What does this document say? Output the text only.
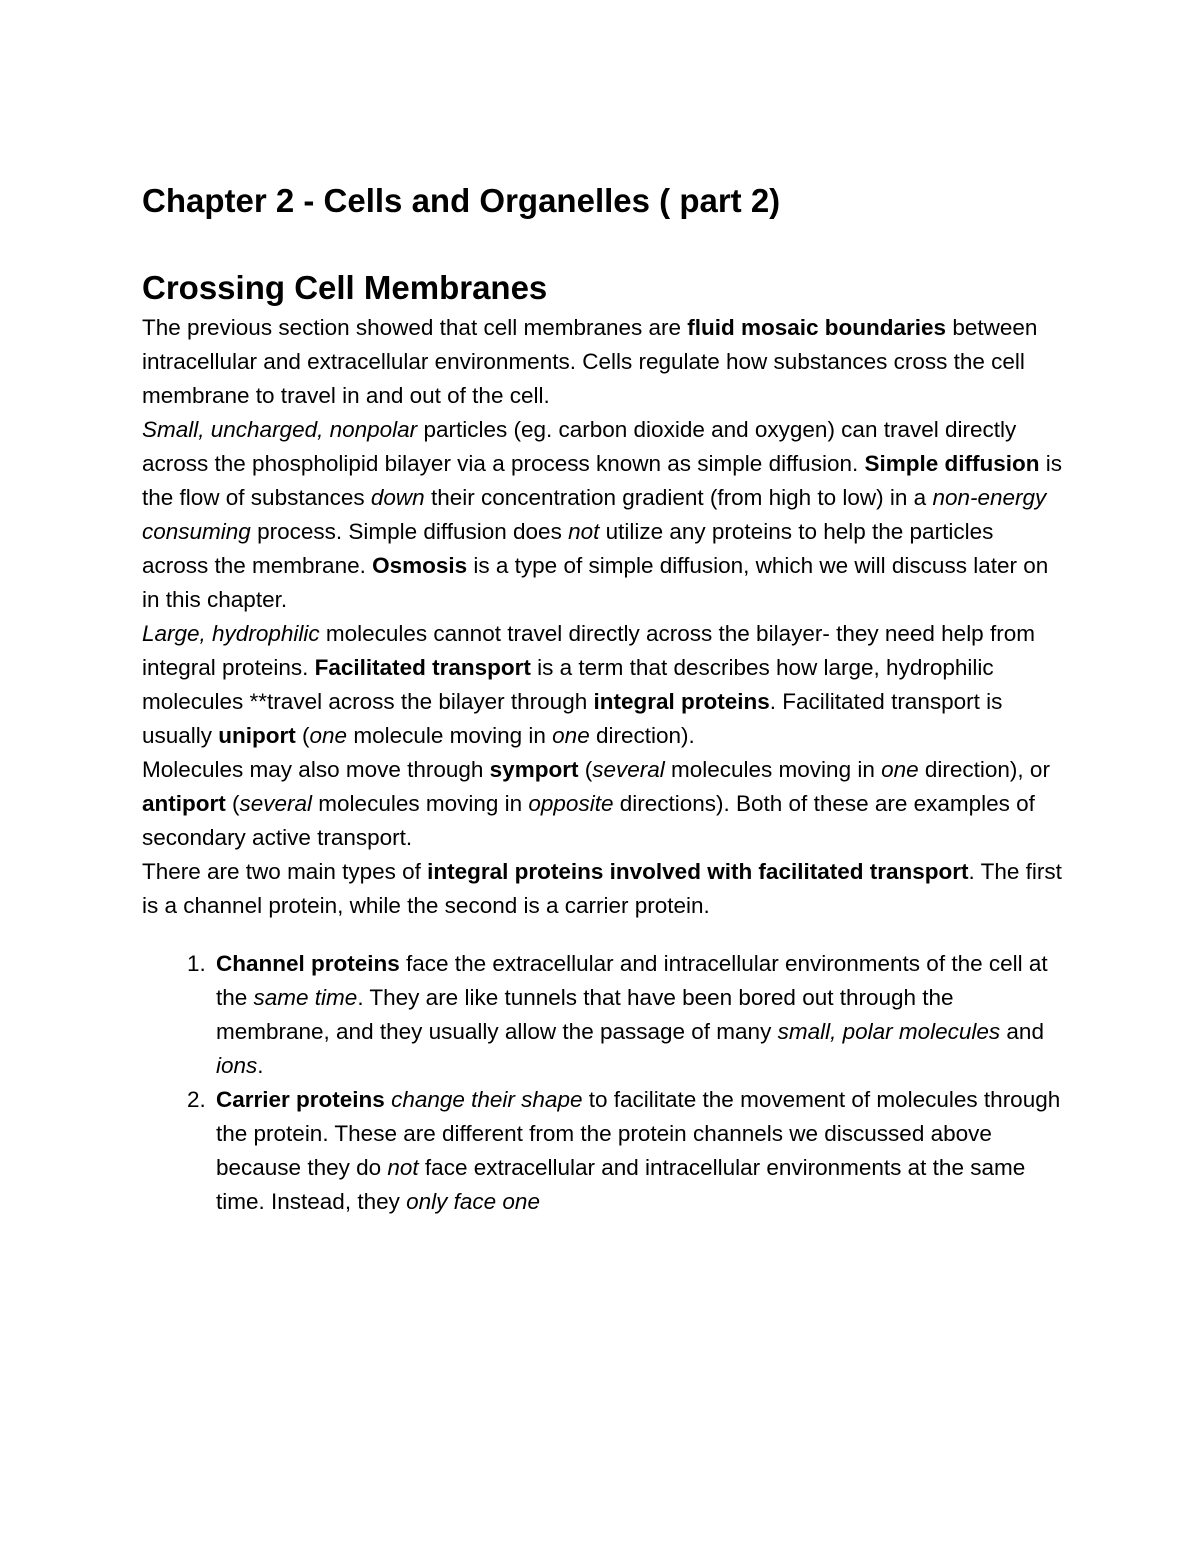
Chapter 2 - Cells and Organelles ( part 2)
Crossing Cell Membranes

The previous section showed that cell membranes are fluid mosaic boundaries between intracellular and extracellular environments. Cells regulate how substances cross the cell membrane to travel in and out of the cell.

Small, uncharged, nonpolar particles (eg. carbon dioxide and oxygen) can travel directly across the phospholipid bilayer via a process known as simple diffusion. Simple diffusion is the flow of substances down their concentration gradient (from high to low) in a non-energy consuming process. Simple diffusion does not utilize any proteins to help the particles across the membrane. Osmosis is a type of simple diffusion, which we will discuss later on in this chapter.

Large, hydrophilic molecules cannot travel directly across the bilayer- they need help from integral proteins. Facilitated transport is a term that describes how large, hydrophilic molecules **travel across the bilayer through integral proteins. Facilitated transport is usually uniport (one molecule moving in one direction).

Molecules may also move through symport (several molecules moving in one direction), or antiport (several molecules moving in opposite directions). Both of these are examples of secondary active transport.

There are two main types of integral proteins involved with facilitated transport. The first is a channel protein, while the second is a carrier protein.

1. Channel proteins face the extracellular and intracellular environments of the cell at the same time. They are like tunnels that have been bored out through the membrane, and they usually allow the passage of many small, polar molecules and ions.
2. Carrier proteins change their shape to facilitate the movement of molecules through the protein. These are different from the protein channels we discussed above because they do not face extracellular and intracellular environments at the same time. Instead, they only face one
